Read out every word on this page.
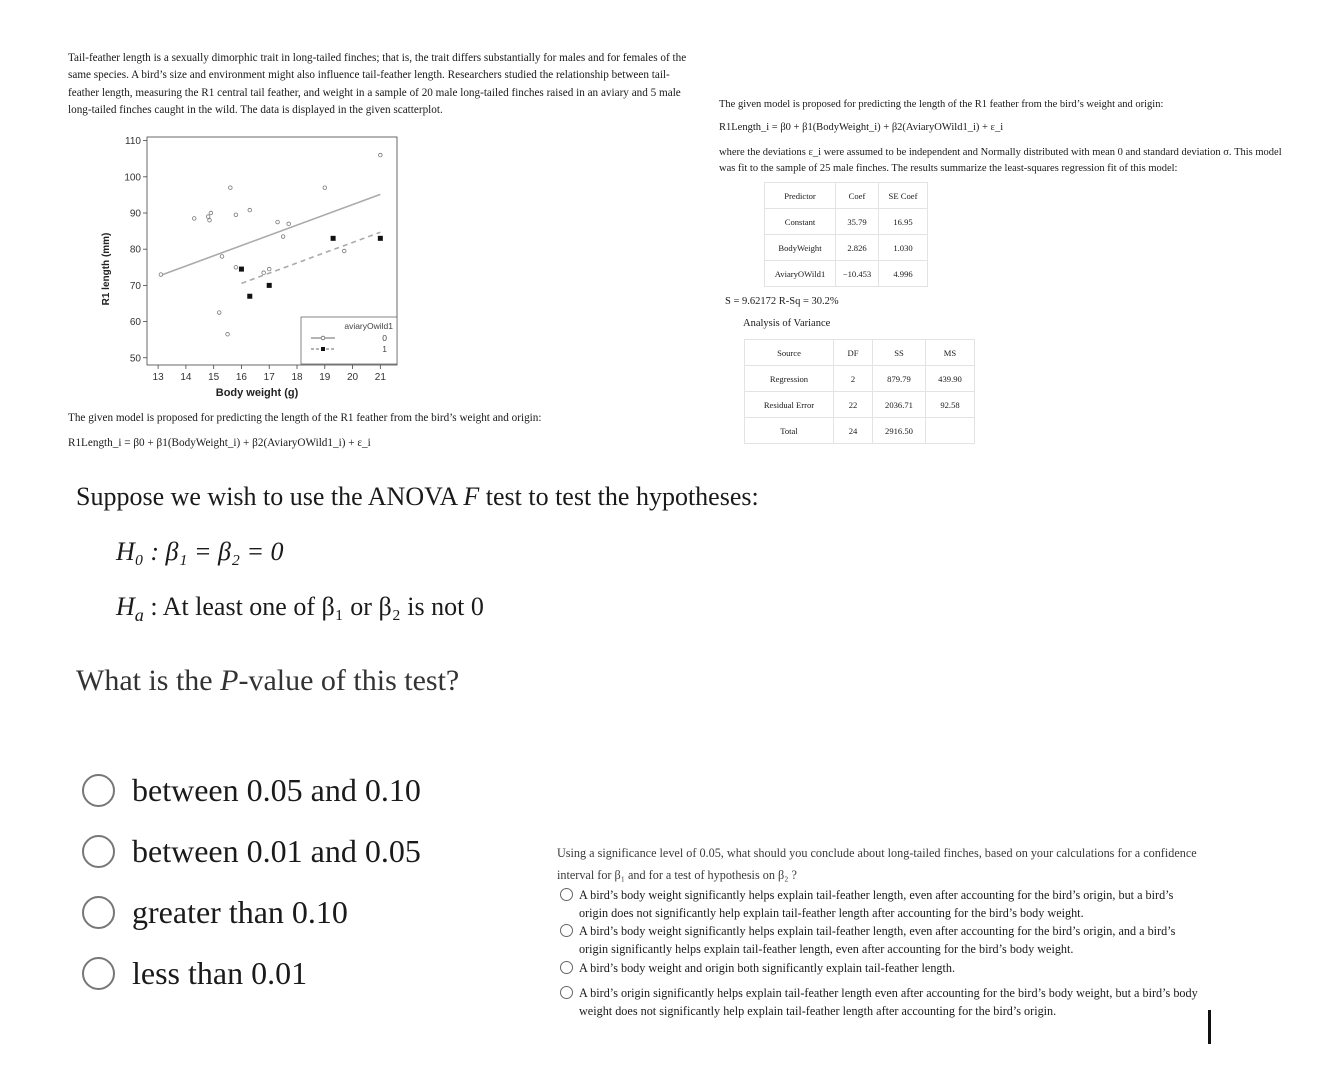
Tail-feather length is a sexually dimorphic trait in long-tailed finches; that is, the trait differs substantially for males and for females of the same species. A bird’s size and environment might also influence tail-feather length. Researchers studied the relationship between tail-feather length, measuring the R1 central tail feather, and weight in a sample of 20 male long-tailed finches raised in an aviary and 5 male long-tailed finches caught in the wild. The data is displayed in the given scatterplot.
13 14 15 16 17 18 19 20 21
50
60
70
80
90
100
110
Body weight (g)
R1 length (mm)
aviaryOwild1
0
1
The given model is proposed for predicting the length of the R1 feather from the bird’s weight and origin:
R1Length_i = β0 + β1(BodyWeight_i) + β2(AviaryOWild1_i) + ε_i
The given model is proposed for predicting the length of the R1 feather from the bird’s weight and origin:
R1Length_i = β0 + β1(BodyWeight_i) + β2(AviaryOWild1_i) + ε_i
where the deviations ε_i were assumed to be independent and Normally distributed with mean 0 and standard deviation σ. This model was fit to the sample of 25 male finches. The results summarize the least-squares regression fit of this model:
Predictor	Coef	SE Coef
Constant	35.79	16.95
BodyWeight	2.826	1.030
AviaryOWild1	−10.453	4.996
S = 9.62172 R-Sq = 30.2%
Analysis of Variance
Source	DF	SS	MS
Regression	2	879.79	439.90
Residual Error	22	2036.71	92.58
Total	24	2916.50	
Suppose we wish to use the ANOVA F test to test the hypotheses:
H₀ : β₁ = β₂ = 0
$H_a$ : At least one of β₁ or β₂ is not 0
What is the P-value of this test?
between 0.05 and 0.10
between 0.01 and 0.05
greater than 0.10
less than 0.01
Using a significance level of 0.05, what should you conclude about long-tailed finches, based on your calculations for a confidence interval for β₁ and for a test of hypothesis on β₂ ?
A bird’s body weight significantly helps explain tail-feather length, even after accounting for the bird’s origin, but a bird’s origin does not significantly help explain tail-feather length after accounting for the bird’s body weight.
A bird’s body weight significantly helps explain tail-feather length, even after accounting for the bird’s origin, and a bird’s origin significantly helps explain tail-feather length, even after accounting for the bird’s body weight.
A bird’s body weight and origin both significantly explain tail-feather length.
A bird’s origin significantly helps explain tail-feather length even after accounting for the bird’s body weight, but a bird’s body weight does not significantly help explain tail-feather length after accounting for the bird’s origin.
